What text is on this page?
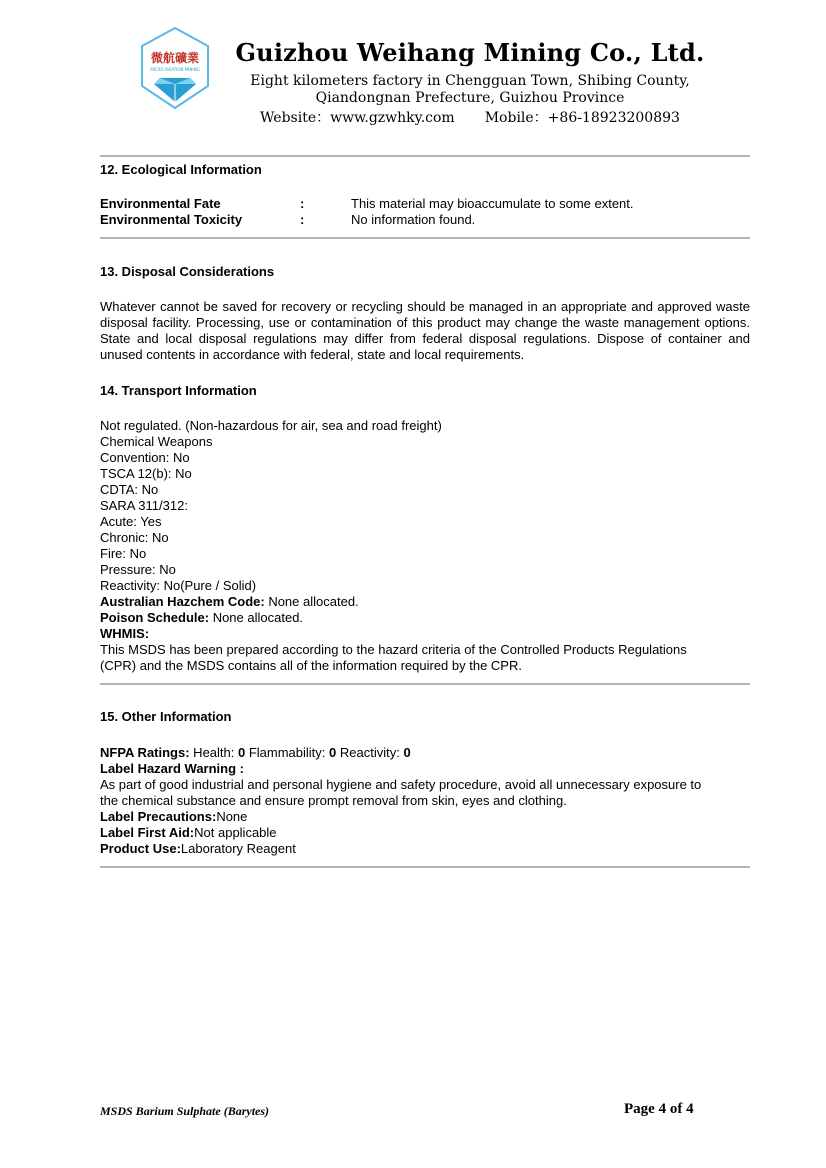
微航礦業
MICRO AVIATION MINING
Guizhou Weihang Mining Co., Ltd.
Eight kilometers factory in Chengguan Town, Shibing County,
Qiandongnan Prefecture, Guizhou Province
Website：www.gzwhky.com Mobile：+86-18923200893
12. Ecological Information
Environmental Fate	:	This material may bioaccumulate to some extent.
Environmental Toxicity	:	No information found.
13. Disposal Considerations
Whatever cannot be saved for recovery or recycling should be managed in an appropriate and approved waste disposal facility. Processing, use or contamination of this product may change the waste management options. State and local disposal regulations may differ from federal disposal regulations. Dispose of container and unused contents in accordance with federal, state and local requirements.
14. Transport Information
Not regulated. (Non-hazardous for air, sea and road freight)
Chemical Weapons
Convention: No
TSCA 12(b): No
CDTA: No
SARA 311/312:
Acute: Yes
Chronic: No
Fire: No
Pressure: No
Reactivity: No(Pure / Solid)
Australian Hazchem Code: None allocated.
Poison Schedule: None allocated.
WHMIS:
This MSDS has been prepared according to the hazard criteria of the Controlled Products Regulations
(CPR) and the MSDS contains all of the information required by the CPR.
15. Other Information
NFPA Ratings: Health: 0 Flammability: 0 Reactivity: 0
Label Hazard Warning :
As part of good industrial and personal hygiene and safety procedure, avoid all unnecessary exposure to
the chemical substance and ensure prompt removal from skin, eyes and clothing.
Label Precautions:None
Label First Aid:Not applicable
Product Use:Laboratory Reagent
MSDS Barium Sulphate (Barytes)	Page 4 of 4
